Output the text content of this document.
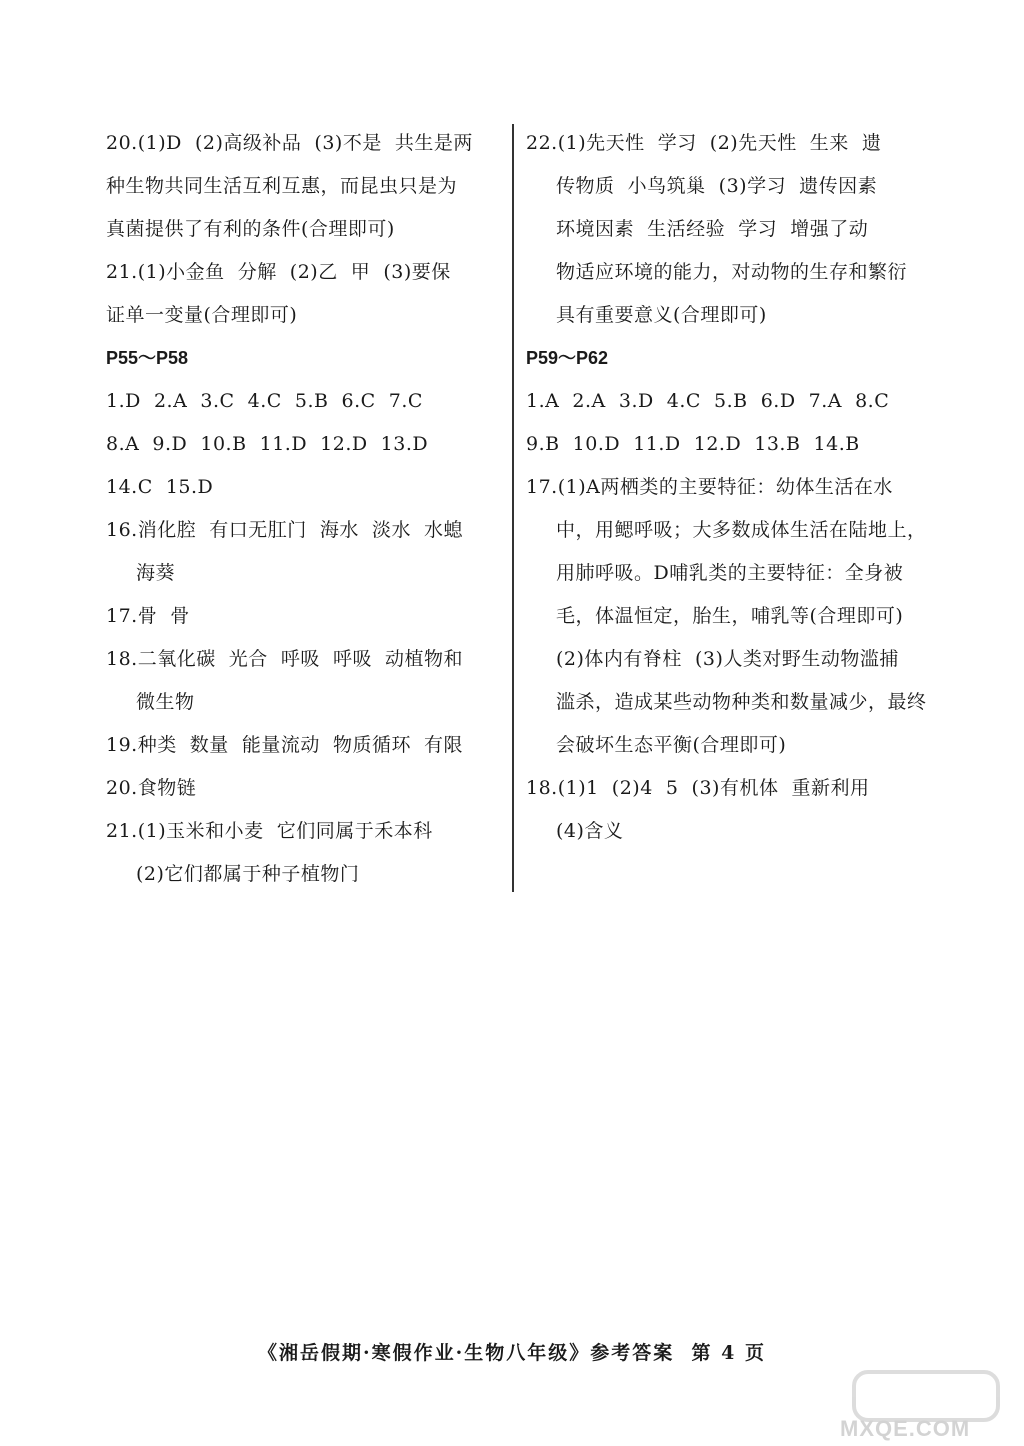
20.(1)D  (2)高级补品  (3)不是  共生是两
种生物共同生活互利互惠，而昆虫只是为
真菌提供了有利的条件(合理即可)
21.(1)小金鱼  分解  (2)乙  甲  (3)要保
证单一变量(合理即可)
P55～P58
1.D  2.A  3.C  4.C  5.B  6.C  7.C
8.A  9.D  10.B  11.D  12.D  13.D
14.C  15.D
16.消化腔  有口无肛门  海水  淡水  水螅
海葵
17.骨  骨
18.二氧化碳  光合  呼吸  呼吸  动植物和
微生物
19.种类  数量  能量流动  物质循环  有限
20.食物链
21.(1)玉米和小麦  它们同属于禾本科
(2)它们都属于种子植物门
22.(1)先天性  学习  (2)先天性  生来  遗
传物质  小鸟筑巢  (3)学习  遗传因素
环境因素  生活经验  学习  增强了动
物适应环境的能力，对动物的生存和繁衍
具有重要意义(合理即可)
P59～P62
1.A  2.A  3.D  4.C  5.B  6.D  7.A  8.C
9.B  10.D  11.D  12.D  13.B  14.B
17.(1)A两栖类的主要特征：幼体生活在水
中，用鳃呼吸；大多数成体生活在陆地上，
用肺呼吸。D哺乳类的主要特征：全身被
毛，体温恒定，胎生，哺乳等(合理即可)
(2)体内有脊柱  (3)人类对野生动物滥捕
滥杀，造成某些动物种类和数量减少，最终
会破坏生态平衡(合理即可)
18.(1)1  (2)4  5  (3)有机体  重新利用
(4)含义
《湘岳假期·寒假作业·生物八年级》参考答案  第 4 页
MXQE.COM
